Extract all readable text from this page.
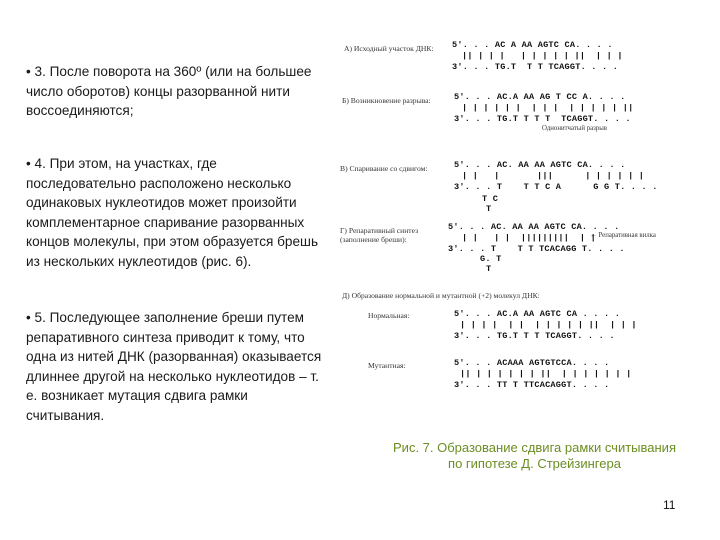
• 3. После поворота на 360º (или на большее число оборотов) концы разорванной нити воссоединяются;
• 4. При этом, на участках, где последовательно расположено несколько одинаковых нуклеотидов может произойти комплементарное спаривание разорванных концов молекулы, при этом образуется брешь из нескольких нуклеотидов (рис. 6).
• 5. Последующее заполнение бреши путем репаративного синтеза приводит к тому, что одна из нитей ДНК (разорванная) оказывается длиннее другой на несколько нуклеотидов – т. е. возникает мутация сдвига рамки считывания.
А) Исходный участок ДНК: 5'. . . AC A AA AGTC CA. . . .
|| | | |   | | | | | ||  | | |
3'. . . TG.T  T T TCAGGT. . . .
Б) Возникновение разрыва:	5'. . . AC.A AA AG T CC A. . . .
| | | | | |  | | |  | | | | | ||
3'. . . TG.T T T T  TCAGGT. . . .
Однонитчатый разрыв
В) Спаривание со сдвигом:	5'. . . AC. AA AA AGTC CA. . . .
| |   |       |||      | | | | | |
3'. . . T    T T C A      G G T. . . .
T C
T
Г) Репаративный синтез
(заполнение бреши):
5'. . . AC. AA AA AGTC CA. . . .
| |   | |  |||||||||  | |
3'. . . T    T T TCACAGG T. . . .
← Репаративная вилка
G. T
T
Д) Образование нормальной и мутантной (+2) молекул ДНК:
Нормальная:	5'. . . AC.A AA AGTC CA . . . .
| | | |  | |  | | | | | ||  | | |
3'. . . TG.T T T TCAGGT. . . .
Мутантная:	5'. . . ACAAA AGTGTCCA. . . .
|| | | | | | | ||  | | | | | | |
3'. . . TT T TTCACAGGT. . . .
Рис. 7. Образование сдвига рамки считывания по гипотезе Д. Стрейзингера
11
